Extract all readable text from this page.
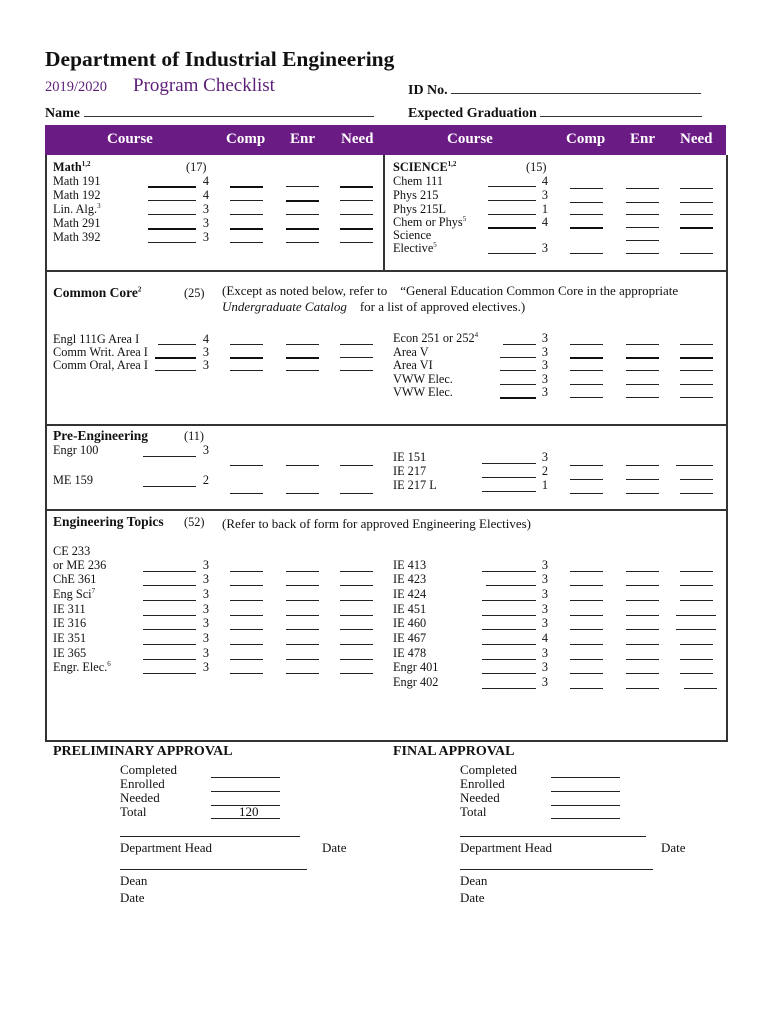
Department of Industrial Engineering
2019/2020 Program Checklist	ID No.
Name	Expected Graduation
Course	Comp Enr Need	Course	Comp Enr Need
Math$^{1,2}$	(17)
Math 191	4
Math 192	4
Lin. Alg.$^3$	3
Math 291	3
Math 392	3
SCIENCE$^{1,2}$	(15)
Chem 111	4
Phys 215	3
Phys 215L	1
Chem or Phys$^5$	4
Science
Elective$^5$	3
Common Core$^2$	(25) (Except as noted below, refer to “General Education Common Core in the appropriate
Undergraduate Catalog for a list of approved electives.)
Engl 111G Area I	4
Comm Writ. Area I	3
Comm Oral, Area I	3
Econ 251 or $252^4$	3
Area V	3
Area VI	3
VWW Elec.	3
VWW Elec.	3
Pre-Engineering	(11)
Engr 100	3
ME 159	2
IE 151	3
IE 217	2
IE 217 L	1
Engineering Topics (52) (Refer to back of form for approved Engineering Electives)
CE 233
or ME 236	3
ChE 361	3
Eng Sci$^7$	3
IE 311	3
IE 316	3
IE 351	3
IE 365	3
Engr. Elec.$^6$	3
IE 413	3
IE 423	3
IE 424	3
IE 451	3
IE 460	3
IE 467	4
IE 478	3
Engr 401	3
Engr 402	3
PRELIMINARY APPROVAL
Completed
Enrolled
Needed
Total	120
Department Head	Date
Dean
Date
FINAL APPROVAL
Completed
Enrolled
Needed
Total
Department Head	Date
Dean
Date
